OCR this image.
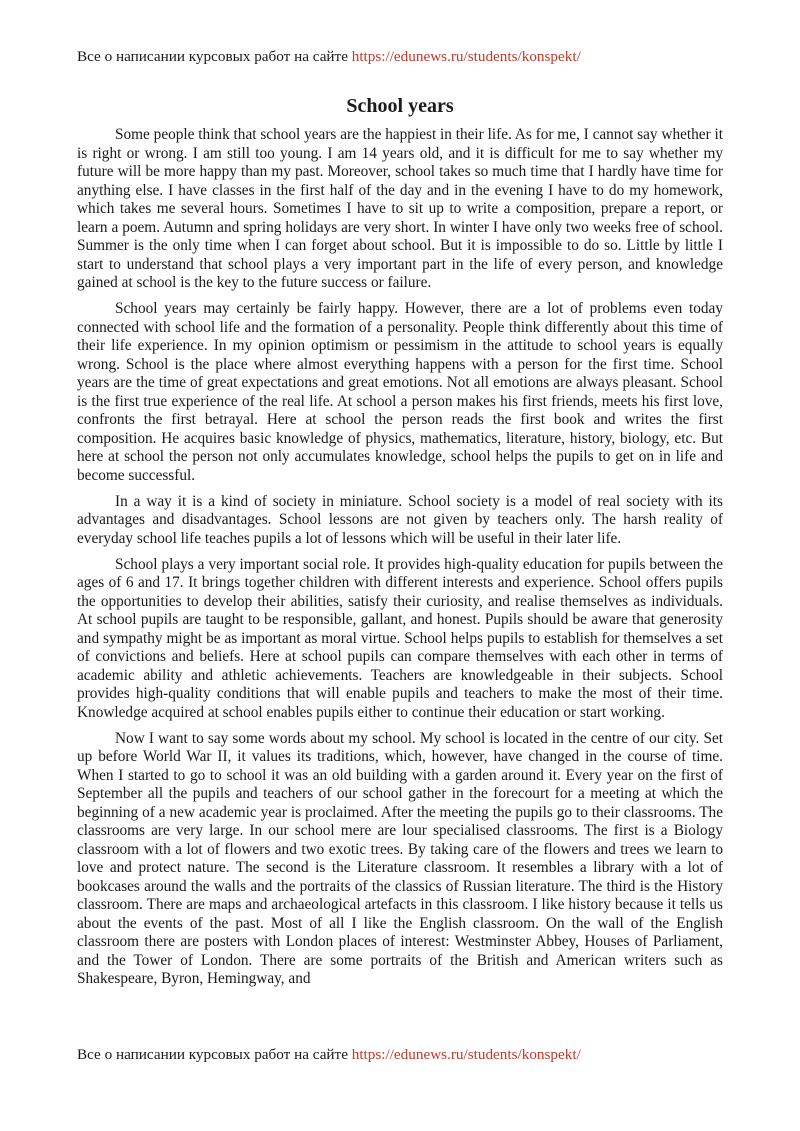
Все о написании курсовых работ на сайте https://edunews.ru/students/konspekt/
School years

Some people think that school years are the happiest in their life. As for me, I cannot say whether it is right or wrong. I am still too young. I am 14 years old, and it is difficult for me to say whether my future will be more happy than my past. Moreover, school takes so much time that I hardly have time for anything else. I have classes in the first half of the day and in the evening I have to do my homework, which takes me several hours. Sometimes I have to sit up to write a composition, prepare a report, or learn a poem. Autumn and spring holidays are very short. In winter I have only two weeks free of school. Summer is the only time when I can forget about school. But it is impossible to do so. Little by little I start to understand that school plays a very important part in the life of every person, and knowledge gained at school is the key to the future success or failure.

School years may certainly be fairly happy. However, there are a lot of problems even today connected with school life and the formation of a personality. People think differently about this time of their life experience. In my opinion optimism or pessimism in the attitude to school years is equally wrong. School is the place where almost everything happens with a person for the first time. School years are the time of great expectations and great emotions. Not all emotions are always pleasant. School is the first true experience of the real life. At school a person makes his first friends, meets his first love, confronts the first betrayal. Here at school the person reads the first book and writes the first composition. He acquires basic knowledge of physics, mathematics, literature, history, biology, etc. But here at school the person not only accumulates knowledge, school helps the pupils to get on in life and become successful.

In a way it is a kind of society in miniature. School society is a model of real society with its advantages and disadvantages. School lessons are not given by teachers only. The harsh reality of everyday school life teaches pupils a lot of lessons which will be useful in their later life.

School plays a very important social role. It provides high-quality education for pupils between the ages of 6 and 17. It brings together children with different interests and experience. School offers pupils the opportunities to develop their abilities, satisfy their curiosity, and realise themselves as individuals. At school pupils are taught to be responsible, gallant, and honest. Pupils should be aware that generosity and sympathy might be as important as moral virtue. School helps pupils to establish for themselves a set of convictions and beliefs. Here at school pupils can compare themselves with each other in terms of academic ability and athletic achievements. Teachers are knowledgeable in their subjects. School provides high-quality conditions that will enable pupils and teachers to make the most of their time. Knowledge acquired at school enables pupils either to continue their education or start working.

Now I want to say some words about my school. My school is located in the centre of our city. Set up before World War II, it values its traditions, which, however, have changed in the course of time. When I started to go to school it was an old building with a garden around it. Every year on the first of September all the pupils and teachers of our school gather in the forecourt for a meeting at which the beginning of a new academic year is proclaimed. After the meeting the pupils go to their classrooms. The classrooms are very large. In our school mere are lour specialised classrooms. The first is a Biology classroom with a lot of flowers and two exotic trees. By taking care of the flowers and trees we learn to love and protect nature. The second is the Literature classroom. It resembles a library with a lot of bookcases around the walls and the portraits of the classics of Russian literature. The third is the History classroom. There are maps and archaeological artefacts in this classroom. I like history because it tells us about the events of the past. Most of all I like the English classroom. On the wall of the English classroom there are posters with London places of interest: Westminster Abbey, Houses of Parliament, and the Tower of London. There are some portraits of the British and American writers such as Shakespeare, Byron, Hemingway, and

Все о написании курсовых работ на сайте https://edunews.ru/students/konspekt/
